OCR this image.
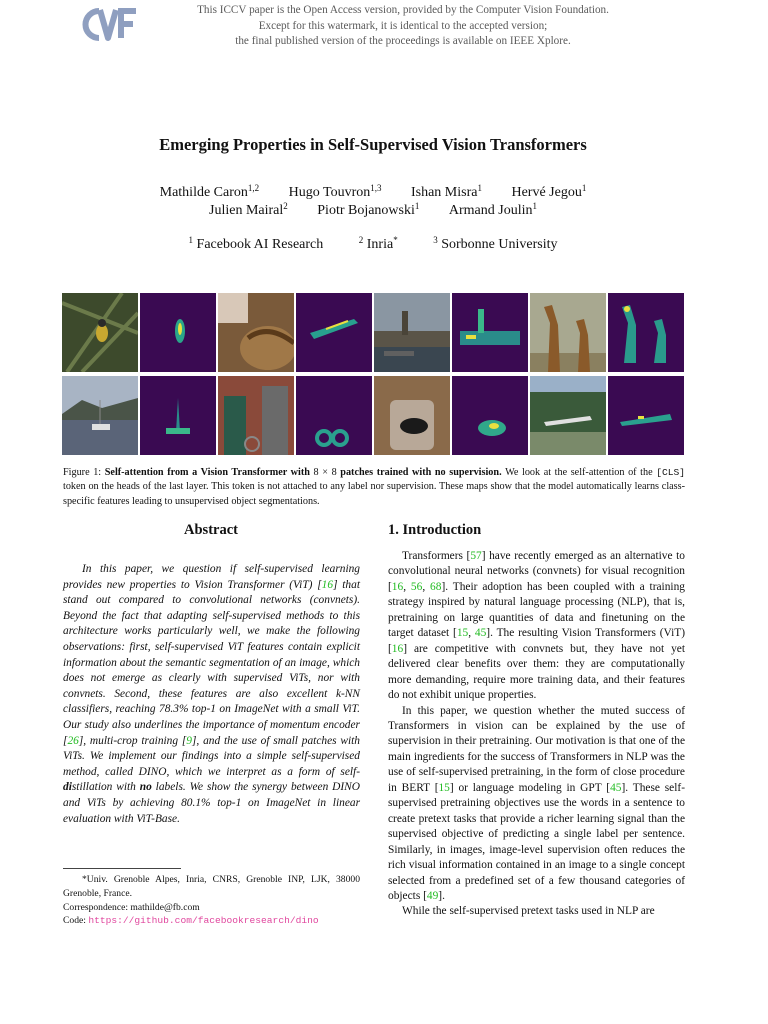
This ICCV paper is the Open Access version, provided by the Computer Vision Foundation.
Except for this watermark, it is identical to the accepted version;
the final published version of the proceedings is available on IEEE Xplore.
Emerging Properties in Self-Supervised Vision Transformers
Mathilde Caron$^{1,2}$ Hugo Touvron$^{1,3}$ Ishan Misra$^1$ Hervé Jegou$^1$
Julien Mairal$^2$ Piotr Bojanowski$^1$ Armand Joulin$^1$
$^1$ Facebook AI Research	$^2$ Inria*	$^3$ Sorbonne University
Figure 1: Self-attention from a Vision Transformer with 8 × 8 patches trained with no supervision. We look at the self-attention of the [CLS] token on the heads of the last layer. This token is not attached to any label nor supervision. These maps show that the model automatically learns class-specific features leading to unsupervised object segmentations.
Abstract

In this paper, we question if self-supervised learning provides new properties to Vision Transformer (ViT) [16] that stand out compared to convolutional networks (convnets). Beyond the fact that adapting self-supervised methods to this architecture works particularly well, we make the following observations: first, self-supervised ViT features contain explicit information about the semantic segmentation of an image, which does not emerge as clearly with supervised ViTs, nor with convnets. Second, these features are also excellent k-NN classifiers, reaching 78.3% top-1 on ImageNet with a small ViT. Our study also underlines the importance of momentum encoder [26], multi-crop training [9], and the use of small patches with ViTs. We implement our findings into a simple self-supervised method, called DINO, which we interpret as a form of self-distillation with no labels. We show the synergy between DINO and ViTs by achieving 80.1% top-1 on ImageNet in linear evaluation with ViT-Base.

*Univ. Grenoble Alpes, Inria, CNRS, Grenoble INP, LJK, 38000 Grenoble, France.

Correspondence: mathilde@fb.com

Code: https://github.com/facebookresearch/dino

1. Introduction

Transformers [57] have recently emerged as an alternative to convolutional neural networks (convnets) for visual recognition [16, 56, 68]. Their adoption has been coupled with a training strategy inspired by natural language processing (NLP), that is, pretraining on large quantities of data and finetuning on the target dataset [15, 45]. The resulting Vision Transformers (ViT) [16] are competitive with convnets but, they have not yet delivered clear benefits over them: they are computationally more demanding, require more training data, and their features do not exhibit unique properties.

In this paper, we question whether the muted success of Transformers in vision can be explained by the use of supervision in their pretraining. Our motivation is that one of the main ingredients for the success of Transformers in NLP was the use of self-supervised pretraining, in the form of close procedure in BERT [15] or language modeling in GPT [45]. These self-supervised pretraining objectives use the words in a sentence to create pretext tasks that provide a richer learning signal than the supervised objective of predicting a single label per sentence. Similarly, in images, image-level supervision often reduces the rich visual information contained in an image to a single concept selected from a predefined set of a few thousand categories of objects [49].

While the self-supervised pretext tasks used in NLP are
